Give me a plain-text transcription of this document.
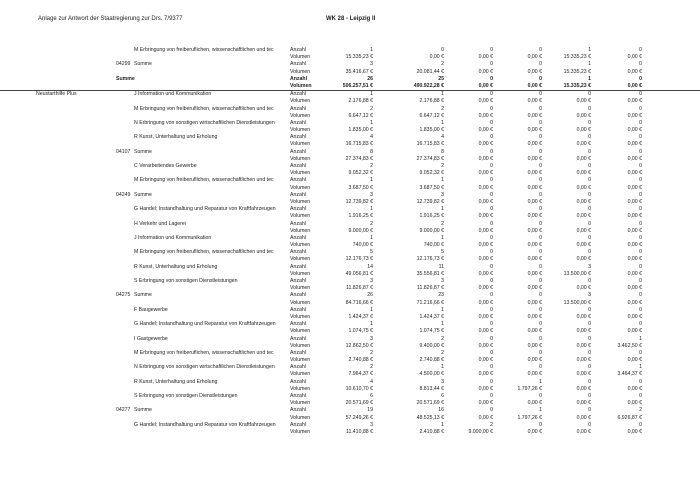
Anlage zur Antwort der Staatregierung zur Drs. 7/9377	WK 28 - Leipzig II
M Erbringung von freiberuflichen, wissenschaftlichen und tec	Anzahl	1	0	0	0	1	0
Volumen	15.335,23 €	0,00 €	0,00 €	0,00 €	15.335,23 €	0,00 €
04299 Summe	Anzahl	3	2	0	0	1	0
Volumen	35.416,67 €	20.081,44 €	0,00 €	0,00 €	15.335,23 €	0,00 €
Summe	Anzahl	26	25	0	0	1	0
Volumen	506.257,51 €	490.922,28 €	0,00 €	0,00 €	15.335,23 €	0,00 €
Neustarthilfe Plus	J Information und Kommunikation	Anzahl	1	1	0	0	0	0
Volumen	2.176,88 €	2.176,88 €	0,00 €	0,00 €	0,00 €	0,00 €
M Erbringung von freiberuflichen, wissenschaftlichen und tec	Anzahl	2	2	0	0	0	0
Volumen	6.647,12 €	6.647,12 €	0,00 €	0,00 €	0,00 €	0,00 €
N Erbringung von sonstigen wirtschaftlichen Dienstleistungen	Anzahl	1	1	0	0	0	0
Volumen	1.835,00 €	1.835,00 €	0,00 €	0,00 €	0,00 €	0,00 €
R Kunst, Unterhaltung und Erholung	Anzahl	4	4	0	0	0	0
Volumen	16.715,83 €	16.715,83 €	0,00 €	0,00 €	0,00 €	0,00 €
04107 Summe	Anzahl	8	8	0	0	0	0
Volumen	27.374,83 €	27.374,83 €	0,00 €	0,00 €	0,00 €	0,00 €
C Verarbeitendes Gewerbe	Anzahl	2	2	0	0	0	0
Volumen	9.052,32 €	9.052,32 €	0,00 €	0,00 €	0,00 €	0,00 €
M Erbringung von freiberuflichen, wissenschaftlichen und tec	Anzahl	1	1	0	0	0	0
Volumen	3.687,50 €	3.687,50 €	0,00 €	0,00 €	0,00 €	0,00 €
04249 Summe	Anzahl	3	3	0	0	0	0
Volumen	12.739,82 €	12.739,82 €	0,00 €	0,00 €	0,00 €	0,00 €
G Handel; Instandhaltung und Reparatur von Kraftfahrzeugen	Anzahl	1	1	0	0	0	0
Volumen	1.916,25 €	1.916,25 €	0,00 €	0,00 €	0,00 €	0,00 €
H Verkehr und Lagerei	Anzahl	2	2	0	0	0	0
Volumen	9.000,00 €	9.000,00 €	0,00 €	0,00 €	0,00 €	0,00 €
J Information und Kommunikation	Anzahl	1	1	0	0	0	0
Volumen	740,00 €	740,00 €	0,00 €	0,00 €	0,00 €	0,00 €
M Erbringung von freiberuflichen, wissenschaftlichen und tec	Anzahl	5	5	0	0	0	0
Volumen	12.176,73 €	12.176,73 €	0,00 €	0,00 €	0,00 €	0,00 €
R Kunst, Unterhaltung und Erholung	Anzahl	14	11	0	0	3	0
Volumen	49.056,81 €	35.556,81 €	0,00 €	0,00 €	13.500,00 €	0,00 €
S Erbringung von sonstigen Dienstleistungen	Anzahl	3	3	0	0	0	0
Volumen	11.826,87 €	11.826,87 €	0,00 €	0,00 €	0,00 €	0,00 €
04275 Summe	Anzahl	26	23	0	0	3	0
Volumen	84.716,66 €	71.216,66 €	0,00 €	0,00 €	13.500,00 €	0,00 €
F Baugewerbe	Anzahl	1	1	0	0	0	0
Volumen	1.424,37 €	1.424,37 €	0,00 €	0,00 €	0,00 €	0,00 €
G Handel; Instandhaltung und Reparatur von Kraftfahrzeugen	Anzahl	1	1	0	0	0	0
Volumen	1.074,75 €	1.074,75 €	0,00 €	0,00 €	0,00 €	0,00 €
I Gastgewerbe	Anzahl	3	2	0	0	0	1
Volumen	12.862,50 €	9.400,00 €	0,00 €	0,00 €	0,00 €	3.462,50 €
M Erbringung von freiberuflichen, wissenschaftlichen und tec	Anzahl	2	2	0	0	0	0
Volumen	2.740,88 €	2.740,88 €	0,00 €	0,00 €	0,00 €	0,00 €
N Erbringung von sonstigen wirtschaftlichen Dienstleistungen	Anzahl	2	1	0	0	0	1
Volumen	7.964,37 €	4.500,00 €	0,00 €	0,00 €	0,00 €	3.464,37 €
R Kunst, Unterhaltung und Erholung	Anzahl	4	3	0	1	0	0
Volumen	10.610,70 €	8.813,44 €	0,00 €	1.797,26 €	0,00 €	0,00 €
S Erbringung von sonstigen Dienstleistungen	Anzahl	6	6	0	0	0	0
Volumen	20.571,69 €	20.571,69 €	0,00 €	0,00 €	0,00 €	0,00 €
04277 Summe	Anzahl	19	16	0	1	0	2
Volumen	57.249,26 €	48.525,13 €	0,00 €	1.797,26 €	0,00 €	6.926,87 €
G Handel; Instandhaltung und Reparatur von Kraftfahrzeugen	Anzahl	3	1	2	0	0	0
Volumen	11.410,88 €	2.410,88 €	9.000,00 €	0,00 €	0,00 €	0,00 €
